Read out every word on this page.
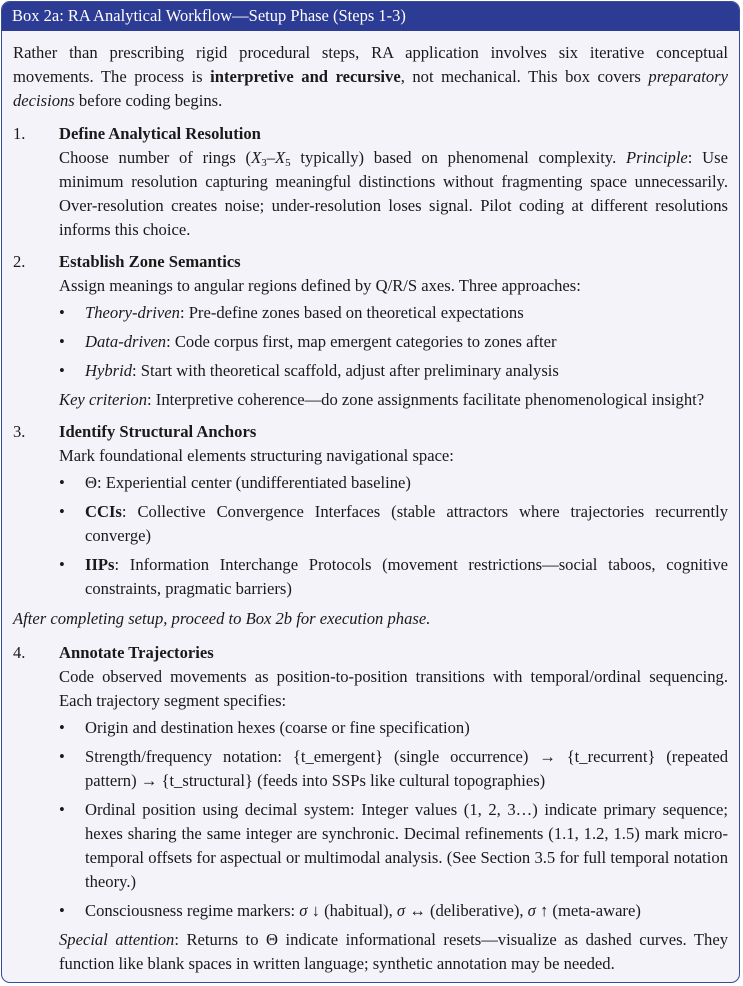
Box 2a: RA Analytical Workflow—Setup Phase (Steps 1-3)

Rather than prescribing rigid procedural steps, RA application involves six iterative conceptual movements. The process is interpretive and recursive, not mechanical. This box covers preparatory decisions before coding begins.

1.	Define Analytical Resolution

Choose number of rings ($X_3-X_5$ typically) based on phenomenal complexity. Principle: Use minimum resolution capturing meaningful distinctions without fragmenting space unnecessarily. Over-resolution creates noise; under-resolution loses signal. Pilot coding at different resolutions informs this choice.

2.	Establish Zone Semantics

Assign meanings to angular regions defined by Q/R/S axes. Three approaches:

• Theory-driven: Pre-define zones based on theoretical expectations
• Data-driven: Code corpus first, map emergent categories to zones after
• Hybrid: Start with theoretical scaffold, adjust after preliminary analysis

Key criterion: Interpretive coherence—do zone assignments facilitate phenomenological insight?

3.	Identify Structural Anchors

Mark foundational elements structuring navigational space:

• Θ: Experiential center (undifferentiated baseline)
• CCIs: Collective Convergence Interfaces (stable attractors where trajectories recurrently converge)
• IIPs: Information Interchange Protocols (movement restrictions—social taboos, cognitive constraints, pragmatic barriers)

After completing setup, proceed to Box 2b for execution phase.

4.	Annotate Trajectories

Code observed movements as position-to-position transitions with temporal/ordinal sequencing. Each trajectory segment specifies:

• Origin and destination hexes (coarse or fine specification)
• Strength/frequency notation: {t_emergent} (single occurrence) → {t_recurrent} (repeated pattern) → {t_structural} (feeds into SSPs like cultural topographies)
• Ordinal position using decimal system: Integer values (1, 2, 3…) indicate primary sequence; hexes sharing the same integer are synchronic. Decimal refinements (1.1, 1.2, 1.5) mark micro-temporal offsets for aspectual or multimodal analysis. (See Section 3.5 for full temporal notation theory.)
• Consciousness regime markers: σ ↓ (habitual), σ ↔ (deliberative), σ ↑ (meta-aware)

Special attention: Returns to Θ indicate informational resets—visualize as dashed curves. They function like blank spaces in written language; synthetic annotation may be needed.
